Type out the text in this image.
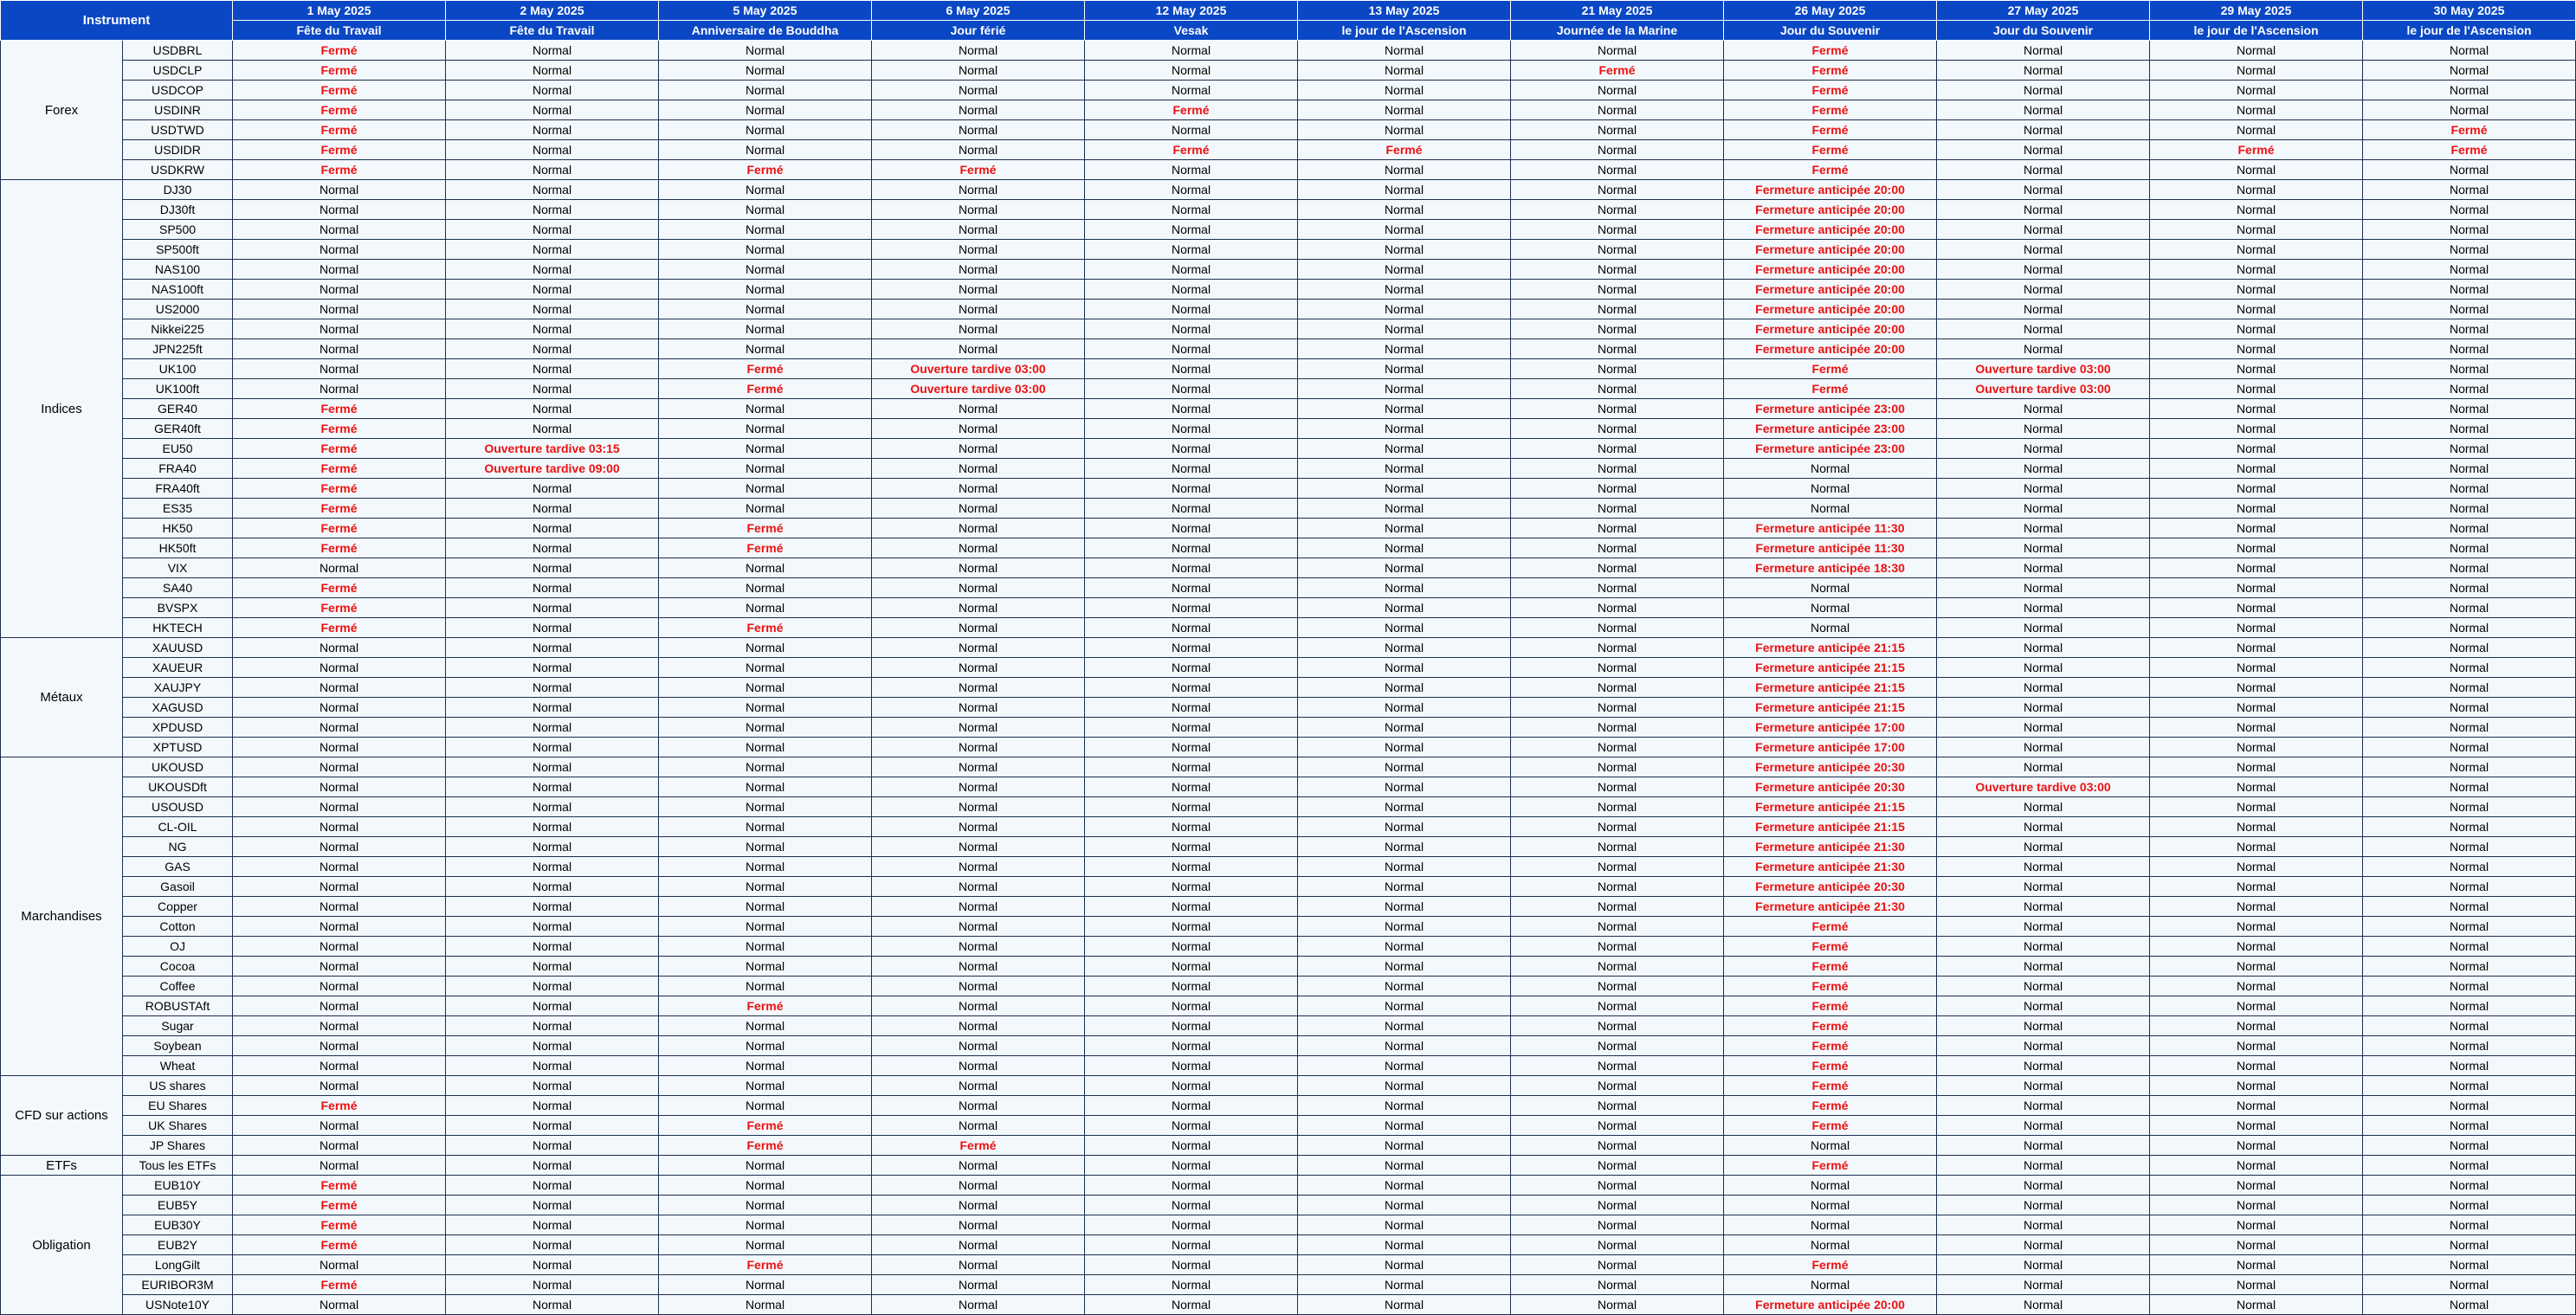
Instrument		1 May 2025	2 May 2025	5 May 2025	6 May 2025	12 May 2025	13 May 2025	21 May 2025	26 May 2025	27 May 2025	29 May 2025	30 May 2025
		Fête du Travail	Fête du Travail	Anniversaire de Bouddha	Jour férié	Vesak	le jour de l'Ascension	Journée de la Marine	Jour du Souvenir	Jour du Souvenir	le jour de l'Ascension	le jour de l'Ascension
Forex	USDBRL	Fermé	Normal	Normal	Normal	Normal	Normal	Normal	Fermé	Normal	Normal	Normal
	USDCLP	Fermé	Normal	Normal	Normal	Normal	Normal	Fermé	Fermé	Normal	Normal	Normal
	USDCOP	Fermé	Normal	Normal	Normal	Normal	Normal	Normal	Fermé	Normal	Normal	Normal
	USDINR	Fermé	Normal	Normal	Normal	Fermé	Normal	Normal	Fermé	Normal	Normal	Normal
	USDTWD	Fermé	Normal	Normal	Normal	Normal	Normal	Normal	Fermé	Normal	Normal	Fermé
	USDIDR	Fermé	Normal	Normal	Normal	Fermé	Fermé	Normal	Fermé	Normal	Fermé	Fermé
	USDKRW	Fermé	Normal	Fermé	Fermé	Normal	Normal	Normal	Fermé	Normal	Normal	Normal
Indices	DJ30	Normal	Normal	Normal	Normal	Normal	Normal	Normal	Fermeture anticipée 20:00	Normal	Normal	Normal
	DJ30ft	Normal	Normal	Normal	Normal	Normal	Normal	Normal	Fermeture anticipée 20:00	Normal	Normal	Normal
	SP500	Normal	Normal	Normal	Normal	Normal	Normal	Normal	Fermeture anticipée 20:00	Normal	Normal	Normal
	SP500ft	Normal	Normal	Normal	Normal	Normal	Normal	Normal	Fermeture anticipée 20:00	Normal	Normal	Normal
	NAS100	Normal	Normal	Normal	Normal	Normal	Normal	Normal	Fermeture anticipée 20:00	Normal	Normal	Normal
	NAS100ft	Normal	Normal	Normal	Normal	Normal	Normal	Normal	Fermeture anticipée 20:00	Normal	Normal	Normal
	US2000	Normal	Normal	Normal	Normal	Normal	Normal	Normal	Fermeture anticipée 20:00	Normal	Normal	Normal
	Nikkei225	Normal	Normal	Normal	Normal	Normal	Normal	Normal	Fermeture anticipée 20:00	Normal	Normal	Normal
	JPN225ft	Normal	Normal	Normal	Normal	Normal	Normal	Normal	Fermeture anticipée 20:00	Normal	Normal	Normal
	UK100	Normal	Normal	Fermé	Ouverture tardive 03:00	Normal	Normal	Normal	Fermé	Ouverture tardive 03:00	Normal	Normal
	UK100ft	Normal	Normal	Fermé	Ouverture tardive 03:00	Normal	Normal	Normal	Fermé	Ouverture tardive 03:00	Normal	Normal
	GER40	Fermé	Normal	Normal	Normal	Normal	Normal	Normal	Fermeture anticipée 23:00	Normal	Normal	Normal
	GER40ft	Fermé	Normal	Normal	Normal	Normal	Normal	Normal	Fermeture anticipée 23:00	Normal	Normal	Normal
	EU50	Fermé	Ouverture tardive 03:15	Normal	Normal	Normal	Normal	Normal	Fermeture anticipée 23:00	Normal	Normal	Normal
	FRA40	Fermé	Ouverture tardive 09:00	Normal	Normal	Normal	Normal	Normal	Normal	Normal	Normal	Normal
	FRA40ft	Fermé	Normal	Normal	Normal	Normal	Normal	Normal	Normal	Normal	Normal	Normal
	ES35	Fermé	Normal	Normal	Normal	Normal	Normal	Normal	Normal	Normal	Normal	Normal
	HK50	Fermé	Normal	Fermé	Normal	Normal	Normal	Normal	Fermeture anticipée 11:30	Normal	Normal	Normal
	HK50ft	Fermé	Normal	Fermé	Normal	Normal	Normal	Normal	Fermeture anticipée 11:30	Normal	Normal	Normal
	VIX	Normal	Normal	Normal	Normal	Normal	Normal	Normal	Fermeture anticipée 18:30	Normal	Normal	Normal
	SA40	Fermé	Normal	Normal	Normal	Normal	Normal	Normal	Normal	Normal	Normal	Normal
	BVSPX	Fermé	Normal	Normal	Normal	Normal	Normal	Normal	Normal	Normal	Normal	Normal
	HKTECH	Fermé	Normal	Fermé	Normal	Normal	Normal	Normal	Normal	Normal	Normal	Normal
Métaux	XAUUSD	Normal	Normal	Normal	Normal	Normal	Normal	Normal	Fermeture anticipée 21:15	Normal	Normal	Normal
	XAUEUR	Normal	Normal	Normal	Normal	Normal	Normal	Normal	Fermeture anticipée 21:15	Normal	Normal	Normal
	XAUJPY	Normal	Normal	Normal	Normal	Normal	Normal	Normal	Fermeture anticipée 21:15	Normal	Normal	Normal
	XAGUSD	Normal	Normal	Normal	Normal	Normal	Normal	Normal	Fermeture anticipée 21:15	Normal	Normal	Normal
	XPDUSD	Normal	Normal	Normal	Normal	Normal	Normal	Normal	Fermeture anticipée 17:00	Normal	Normal	Normal
	XPTUSD	Normal	Normal	Normal	Normal	Normal	Normal	Normal	Fermeture anticipée 17:00	Normal	Normal	Normal
Marchandises	UKOUSD	Normal	Normal	Normal	Normal	Normal	Normal	Normal	Fermeture anticipée 20:30	Normal	Normal	Normal
	UKOUSDft	Normal	Normal	Normal	Normal	Normal	Normal	Normal	Fermeture anticipée 20:30	Ouverture tardive 03:00	Normal	Normal
	USOUSD	Normal	Normal	Normal	Normal	Normal	Normal	Normal	Fermeture anticipée 21:15	Normal	Normal	Normal
	CL-OIL	Normal	Normal	Normal	Normal	Normal	Normal	Normal	Fermeture anticipée 21:15	Normal	Normal	Normal
	NG	Normal	Normal	Normal	Normal	Normal	Normal	Normal	Fermeture anticipée 21:30	Normal	Normal	Normal
	GAS	Normal	Normal	Normal	Normal	Normal	Normal	Normal	Fermeture anticipée 21:30	Normal	Normal	Normal
	Gasoil	Normal	Normal	Normal	Normal	Normal	Normal	Normal	Fermeture anticipée 20:30	Normal	Normal	Normal
	Copper	Normal	Normal	Normal	Normal	Normal	Normal	Normal	Fermeture anticipée 21:30	Normal	Normal	Normal
	Cotton	Normal	Normal	Normal	Normal	Normal	Normal	Normal	Fermé	Normal	Normal	Normal
	OJ	Normal	Normal	Normal	Normal	Normal	Normal	Normal	Fermé	Normal	Normal	Normal
	Cocoa	Normal	Normal	Normal	Normal	Normal	Normal	Normal	Fermé	Normal	Normal	Normal
	Coffee	Normal	Normal	Normal	Normal	Normal	Normal	Normal	Fermé	Normal	Normal	Normal
	ROBUSTAft	Normal	Normal	Fermé	Normal	Normal	Normal	Normal	Fermé	Normal	Normal	Normal
	Sugar	Normal	Normal	Normal	Normal	Normal	Normal	Normal	Fermé	Normal	Normal	Normal
	Soybean	Normal	Normal	Normal	Normal	Normal	Normal	Normal	Fermé	Normal	Normal	Normal
	Wheat	Normal	Normal	Normal	Normal	Normal	Normal	Normal	Fermé	Normal	Normal	Normal
CFD sur actions	US shares	Normal	Normal	Normal	Normal	Normal	Normal	Normal	Fermé	Normal	Normal	Normal
	EU Shares	Fermé	Normal	Normal	Normal	Normal	Normal	Normal	Fermé	Normal	Normal	Normal
	UK Shares	Normal	Normal	Fermé	Normal	Normal	Normal	Normal	Fermé	Normal	Normal	Normal
	JP Shares	Normal	Normal	Fermé	Fermé	Normal	Normal	Normal	Normal	Normal	Normal	Normal
ETFs	Tous les ETFs	Normal	Normal	Normal	Normal	Normal	Normal	Normal	Fermé	Normal	Normal	Normal
Obligation	EUB10Y	Fermé	Normal	Normal	Normal	Normal	Normal	Normal	Normal	Normal	Normal	Normal
	EUB5Y	Fermé	Normal	Normal	Normal	Normal	Normal	Normal	Normal	Normal	Normal	Normal
	EUB30Y	Fermé	Normal	Normal	Normal	Normal	Normal	Normal	Normal	Normal	Normal	Normal
	EUB2Y	Fermé	Normal	Normal	Normal	Normal	Normal	Normal	Normal	Normal	Normal	Normal
	LongGilt	Normal	Normal	Fermé	Normal	Normal	Normal	Normal	Fermé	Normal	Normal	Normal
	EURIBOR3M	Fermé	Normal	Normal	Normal	Normal	Normal	Normal	Normal	Normal	Normal	Normal
	USNote10Y	Normal	Normal	Normal	Normal	Normal	Normal	Normal	Fermeture anticipée 20:00	Normal	Normal	Normal
